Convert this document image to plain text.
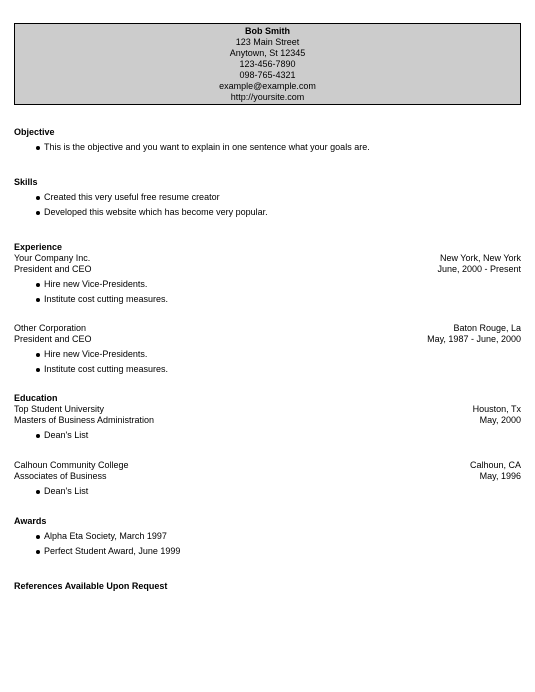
Bob Smith
123 Main Street
Anytown, St 12345
123-456-7890
098-765-4321
example@example.com
http://yoursite.com
Objective
This is the objective and you want to explain in one sentence what your goals are.
Skills
Created this very useful free resume creator
Developed this website which has become very popular.
Experience
Your Company Inc.	New York, New York
President and CEO	June, 2000 - Present
Hire new Vice-Presidents.
Institute cost cutting measures.
Other Corporation	Baton Rouge, La
President and CEO	May, 1987 - June, 2000
Hire new Vice-Presidents.
Institute cost cutting measures.
Education
Top Student University	Houston, Tx
Masters of Business Administration	May, 2000
Dean's List
Calhoun Community College	Calhoun, CA
Associates of Business	May, 1996
Dean's List
Awards
Alpha Eta Society, March 1997
Perfect Student Award, June 1999
References Available Upon Request
